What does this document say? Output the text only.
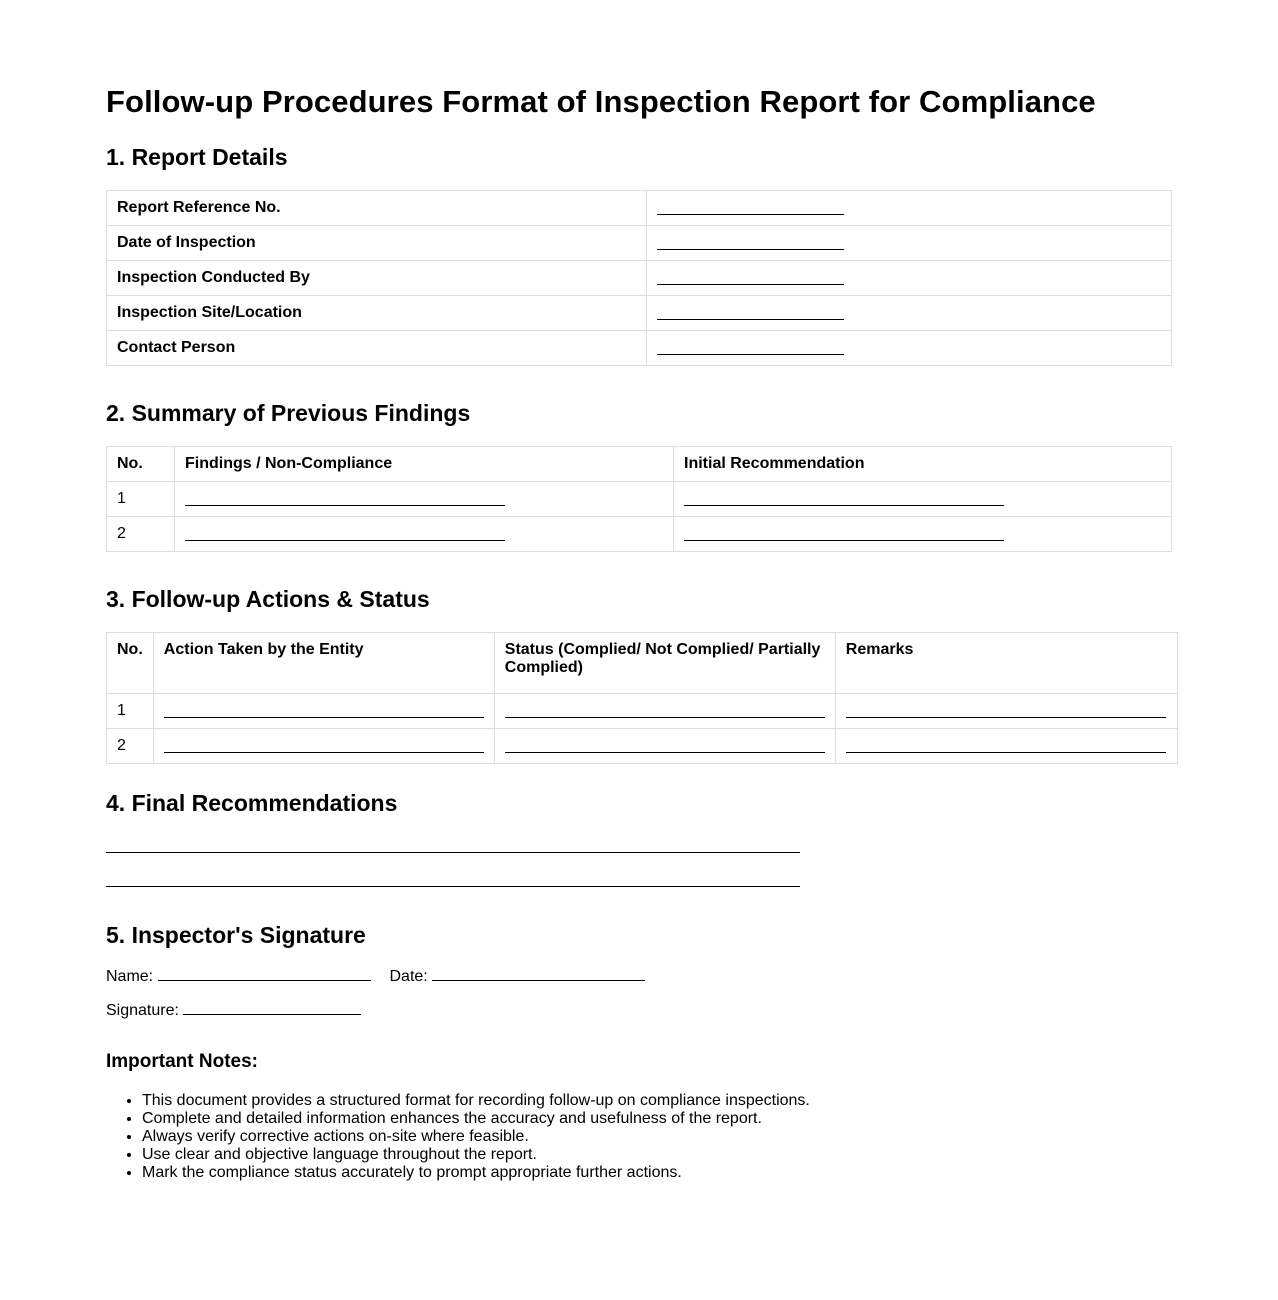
Follow-up Procedures Format of Inspection Report for Compliance
1. Report Details
Report Reference No.	
Date of Inspection	
Inspection Conducted By	
Inspection Site/Location	
Contact Person	
2. Summary of Previous Findings
No.	Findings / Non-Compliance	Initial Recommendation
1		
2		
3. Follow-up Actions & Status
No.	Action Taken by the Entity	Status (Complied/ Not Complied/ Partially Complied)	Remarks
1			
2			
4. Final Recommendations
5. Inspector's Signature
Name:	Date:
Signature:
Important Notes:
• This document provides a structured format for recording follow-up on compliance inspections.
• Complete and detailed information enhances the accuracy and usefulness of the report.
• Always verify corrective actions on-site where feasible.
• Use clear and objective language throughout the report.
• Mark the compliance status accurately to prompt appropriate further actions.
